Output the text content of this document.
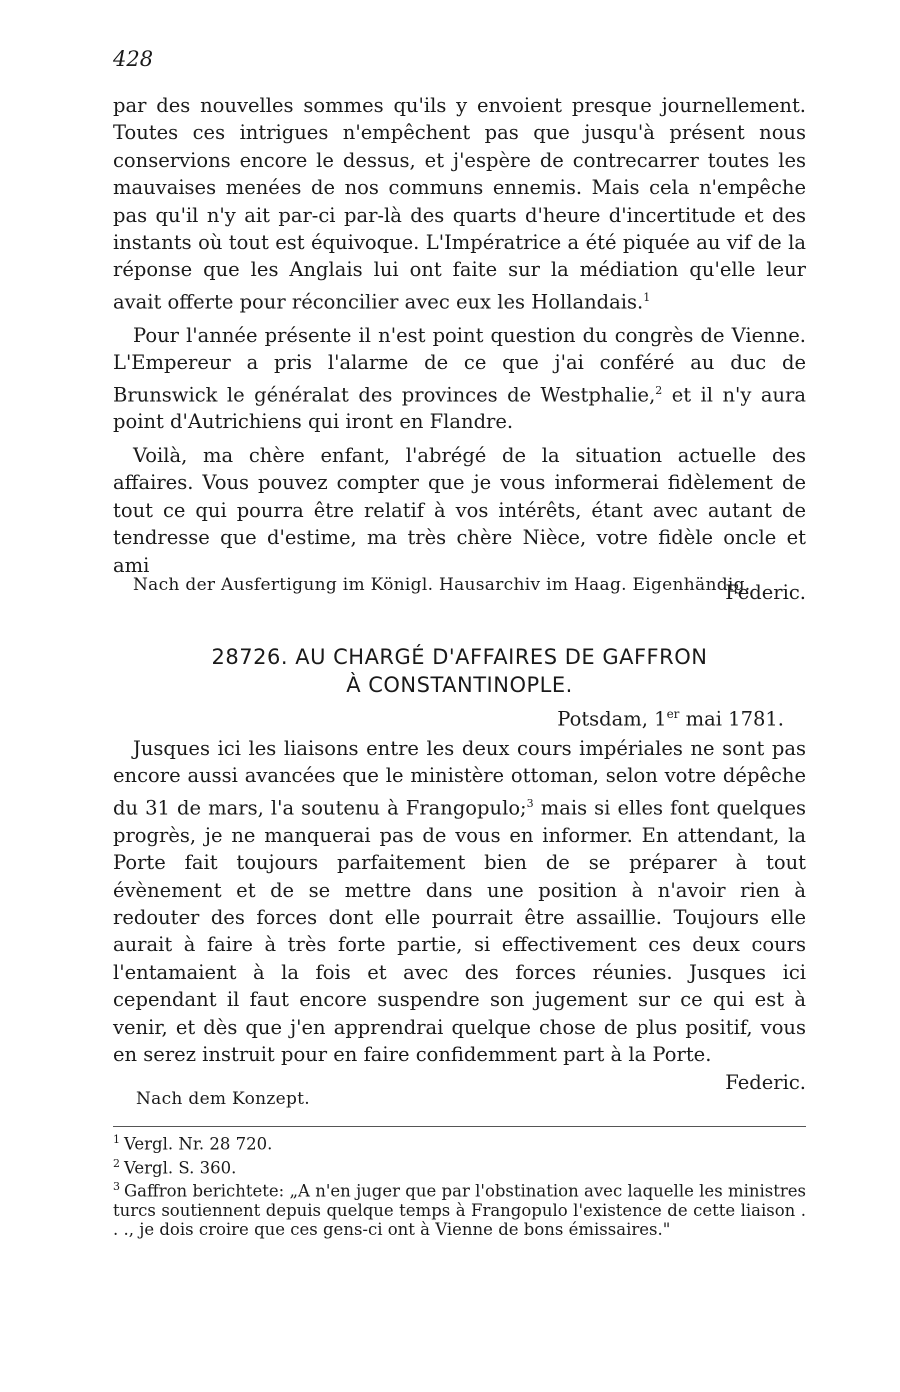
428

par des nouvelles sommes qu'ils y envoient presque journellement. Toutes ces intrigues n'empêchent pas que jusqu'à présent nous conservions encore le dessus, et j'espère de contrecarrer toutes les mauvaises menées de nos communs ennemis. Mais cela n'empêche pas qu'il n'y ait par-ci par-là des quarts d'heure d'incertitude et des instants où tout est équivoque. L'Impératrice a été piquée au vif de la réponse que les Anglais lui ont faite sur la médiation qu'elle leur avait offerte pour réconcilier avec eux les Hollandais.$^1$

Pour l'année présente il n'est point question du congrès de Vienne. L'Empereur a pris l'alarme de ce que j'ai conféré au duc de Brunswick le généralat des provinces de Westphalie,$^2$ et il n'y aura point d'Autrichiens qui iront en Flandre.

Voilà, ma chère enfant, l'abrégé de la situation actuelle des affaires. Vous pouvez compter que je vous informerai fidèlement de tout ce qui pourra être relatif à vos intérêts, étant avec autant de tendresse que d'estime, ma très chère Nièce, votre fidèle oncle et ami

Federic.

Nach der Ausfertigung im Königl. Hausarchiv im Haag. Eigenhändig.
28726. AU CHARGÉ D'AFFAIRES DE GAFFRON
À CONSTANTINOPLE.
Potsdam, 1er mai 1781.

Jusques ici les liaisons entre les deux cours impériales ne sont pas encore aussi avancées que le ministère ottoman, selon votre dépêche du 31 de mars, l'a soutenu à Frangopulo;$^3$ mais si elles font quelques progrès, je ne manquerai pas de vous en informer. En attendant, la Porte fait toujours parfaitement bien de se préparer à tout évènement et de se mettre dans une position à n'avoir rien à redouter des forces dont elle pourrait être assaillie. Toujours elle aurait à faire à très forte partie, si effectivement ces deux cours l'entamaient à la fois et avec des forces réunies. Jusques ici cependant il faut encore suspendre son jugement sur ce qui est à venir, et dès que j'en apprendrai quelque chose de plus positif, vous en serez instruit pour en faire confidemment part à la Porte.

Federic.

Nach dem Konzept.

$^1$ Vergl. Nr. 28 720.

$^2$ Vergl. S. 360.

$^3$ Gaffron berichtete: „A n'en juger que par l'obstination avec laquelle les ministres turcs soutiennent depuis quelque temps à Frangopulo l'existence de cette liaison . . ., je dois croire que ces gens-ci ont à Vienne de bons émissaires."
